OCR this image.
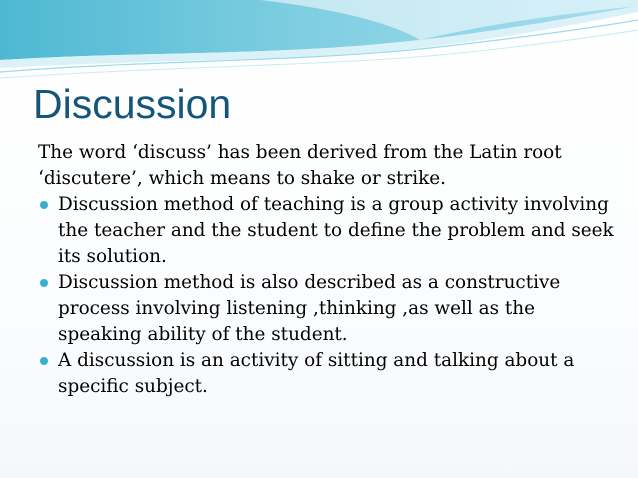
Discussion

The word ‘discuss’ has been derived from the Latin root
‘discutere’, which means to shake or strike.

Discussion method of teaching is a group activity involving
the teacher and the student to define the problem and seek
its solution.
Discussion method is also described as a constructive
process involving listening ,thinking ,as well as the
speaking ability of the student.
A discussion is an activity of sitting and talking about a
specific subject.
